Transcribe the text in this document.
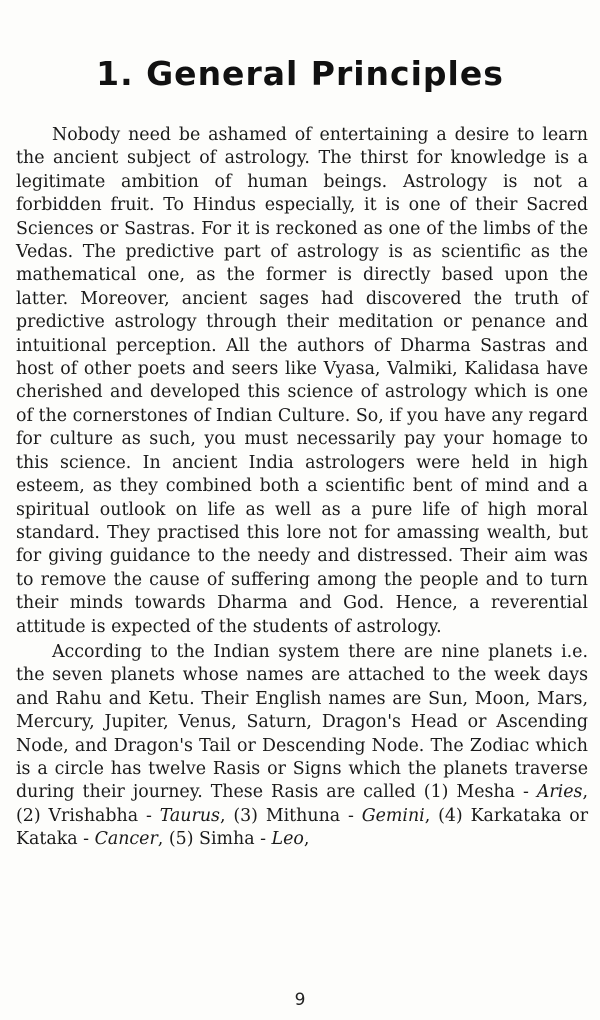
1. General Principles

Nobody need be ashamed of entertaining a desire to learn the ancient subject of astrology. The thirst for knowledge is a legitimate ambition of human beings. Astrology is not a forbidden fruit. To Hindus especially, it is one of their Sacred Sciences or Sastras. For it is reckoned as one of the limbs of the Vedas. The predictive part of astrology is as scientific as the mathematical one, as the former is directly based upon the latter. Moreover, ancient sages had discovered the truth of predictive astrology through their meditation or penance and intuitional perception. All the authors of Dharma Sastras and host of other poets and seers like Vyasa, Valmiki, Kalidasa have cherished and developed this science of astrology which is one of the cornerstones of Indian Culture. So, if you have any regard for culture as such, you must necessarily pay your homage to this science. In ancient India astrologers were held in high esteem, as they combined both a scientific bent of mind and a spiritual outlook on life as well as a pure life of high moral standard. They practised this lore not for amassing wealth, but for giving guidance to the needy and distressed. Their aim was to remove the cause of suffering among the people and to turn their minds towards Dharma and God. Hence, a reverential attitude is expected of the students of astrology.

According to the Indian system there are nine planets i.e. the seven planets whose names are attached to the week days and Rahu and Ketu. Their English names are Sun, Moon, Mars, Mercury, Jupiter, Venus, Saturn, Dragon's Head or Ascending Node, and Dragon's Tail or Descending Node. The Zodiac which is a circle has twelve Rasis or Signs which the planets traverse during their journey. These Rasis are called (1) Mesha - Aries, (2) Vrishabha - Taurus, (3) Mithuna - Gemini, (4) Karkataka or Kataka - Cancer, (5) Simha - Leo,

9
